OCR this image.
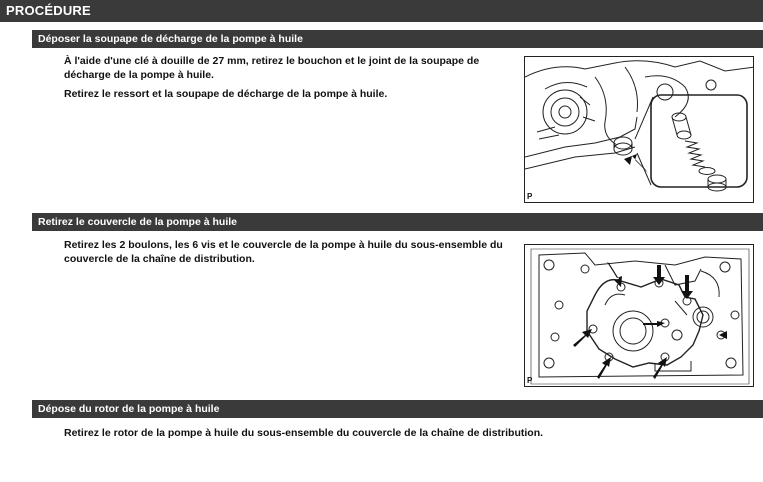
PROCÉDURE
Déposer la soupape de décharge de la pompe à huile
À l'aide d'une clé à douille de 27 mm, retirez le bouchon et le joint de la soupape de décharge de la pompe à huile.
Retirez le ressort et la soupape de décharge de la pompe à huile.
P
Retirez le couvercle de la pompe à huile
Retirez les 2 boulons, les 6 vis et le couvercle de la pompe à huile du sous-ensemble du couvercle de la chaîne de distribution.
P
Dépose du rotor de la pompe à huile
Retirez le rotor de la pompe à huile du sous-ensemble du couvercle de la chaîne de distribution.
